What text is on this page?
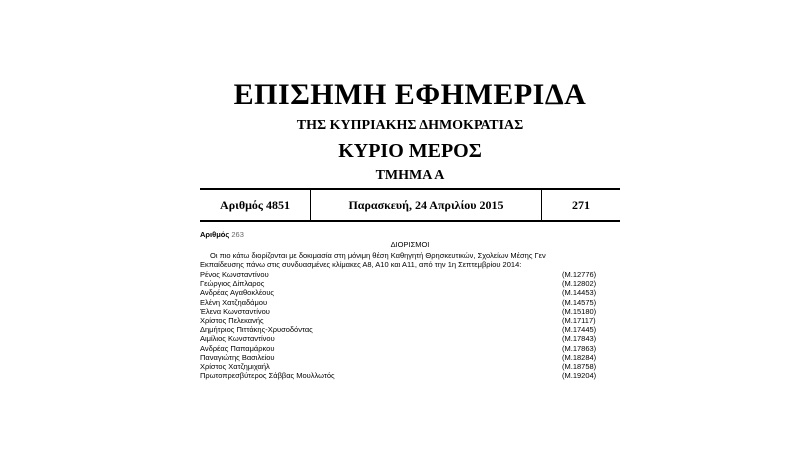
ΕΠΙΣΗΜΗ ΕΦΗΜΕΡΙΔΑ
ΤΗΣ ΚΥΠΡΙΑΚΗΣ ΔΗΜΟΚΡΑΤΙΑΣ
ΚΥΡΙΟ ΜΕΡΟΣ
ΤΜΗΜΑ Α
Αριθμός 4851	Παρασκευή, 24 Απριλίου 2015	271
Αριθμός 263
ΔΙΟΡΙΣΜΟΙ
Οι πιο κάτω διορίζονται με δοκιμασία στη μόνιμη θέση Καθηγητή Θρησκευτικών, Σχολείων Μέσης Γεν
Εκπαίδευσης πάνω στις συνδυασμένες κλίμακες Α8, Α10 και Α11, από την 1η Σεπτεμβρίου 2014:
Ρένος Κωνσταντίνου	(Μ.12776)
Γεώργιος Δίπλαρος	(Μ.12802)
Ανδρέας Αγαθοκλέους	(Μ.14453)
Ελένη Χατζηαδάμου	(Μ.14575)
Έλενα Κωνσταντίνου	(Μ.15180)
Χρίστος Πελεκανής	(Μ.17117)
Δημήτριος Πιττάκης-Χρυσοδόντας	(Μ.17445)
Αιμίλιος Κωνσταντίνου	(Μ.17843)
Ανδρέας Παπαμάρκου	(Μ.17863)
Παναγιώτης Βασιλείου	(Μ.18284)
Χρίστος Χατζημιχαήλ	(Μ.18758)
Πρωτοπρεσβύτερος Σάββας Μουλλωτός	(Μ.19204)
